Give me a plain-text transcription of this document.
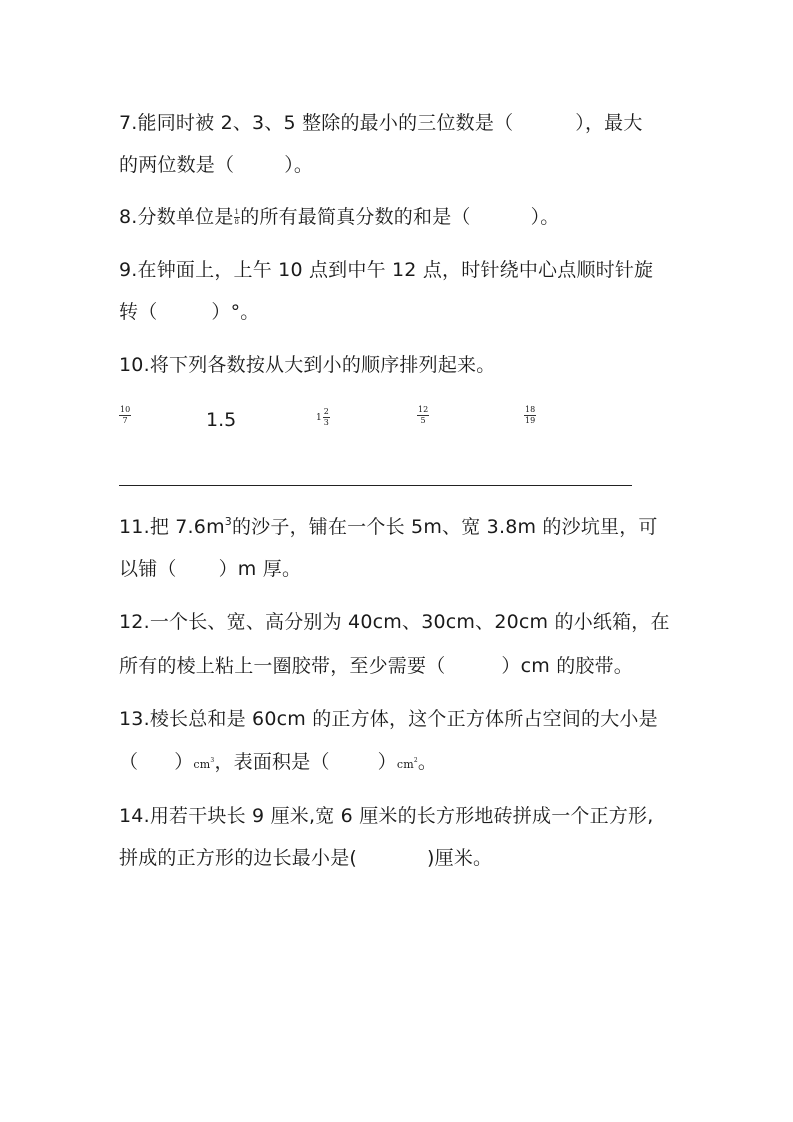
7.能同时被 2、3、5 整除的最小的三位数是（	），最大
的两位数是（	）。
8.分数单位是 $\frac{1}{8}$ 的所有最简真分数的和是（	）。
9.在钟面上，上午 10 点到中午 12 点，时针绕中心点顺时针旋
转（	）°。
10.将下列各数按从大到小的顺序排列起来。
10
7	1.5	$1 \frac{2}{3}$	12
5
18
19
11.把 $7.6m^3$的沙子，铺在一个长 5m、宽 3.8m 的沙坑里，可
以铺（ ）m 厚。
12.一个长、宽、高分别为 40cm、30cm、20cm 的小纸箱，在
所有的棱上粘上一圈胶带，至少需要（	）cm 的胶带。
13.棱长总和是 60cm 的正方体，这个正方体所占空间的大小是
（ ）$cm^3$，表面积是（	）$cm^2$。
14.用若干块长 9 厘米,宽 6 厘米的长方形地砖拼成一个正方形,
拼成的正方形的边长最小是(	)厘米。
